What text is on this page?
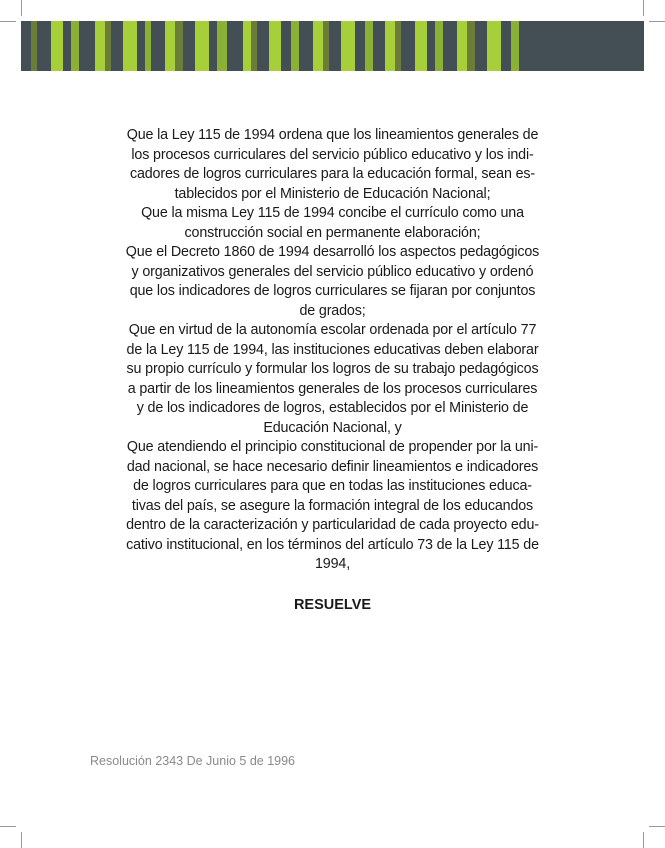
Que la Ley 115 de 1994 ordena que los lineamientos generales de

los procesos curriculares del servicio público educativo y los indi-

cadores de logros curriculares para la educación formal, sean es-

tablecidos por el Ministerio de Educación Nacional;

Que la misma Ley 115 de 1994 concibe el currículo como una

construcción social en permanente elaboración;

Que el Decreto 1860 de 1994 desarrolló los aspectos pedagógicos

y organizativos generales del servicio público educativo y ordenó

que los indicadores de logros curriculares se fijaran por conjuntos

de grados;

Que en virtud de la autonomía escolar ordenada por el artículo 77

de la Ley 115 de 1994, las instituciones educativas deben elaborar

su propio currículo y formular los logros de su trabajo pedagógicos

a partir de los lineamientos generales de los procesos curriculares

y de los indicadores de logros, establecidos por el Ministerio de

Educación Nacional, y

Que atendiendo el principio constitucional de propender por la uni-

dad nacional, se hace necesario definir lineamientos e indicadores

de logros curriculares para que en todas las instituciones educa-

tivas del país, se asegure la formación integral de los educandos

dentro de la caracterización y particularidad de cada proyecto edu-

cativo institucional, en los términos del artículo 73 de la Ley 115 de

1994,

RESUELVE

Resolución 2343 De Junio 5 de 1996
